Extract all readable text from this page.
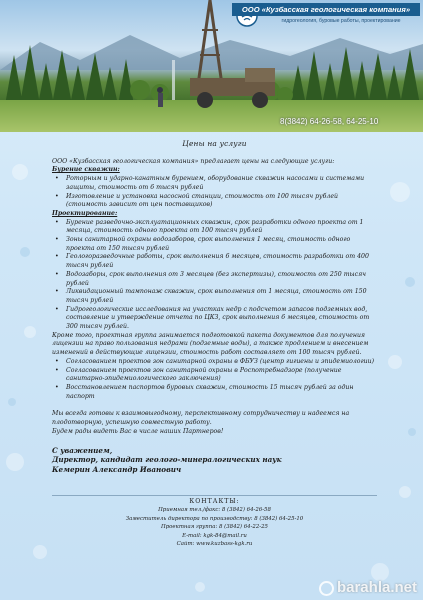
ООО «Кузбасская геологическая компания»
гидрогеология, буровые работы, проектирование
8(3842) 64-26-58, 64-25-10

Цены на услуги

ООО «Кузбасская геологическая компания» предлагает цены на следующие услуги:

Бурение скважин:

• Роторным и ударно-канатным бурением, оборудование скважин насосами и системами защиты, стоимость от 6 тысяч рублей
• Изготовление и установка насосной станции, стоимость от 100 тысяч рублей (стоимость зависит от цен поставщиков)

Проектирование:

• Бурение разведочно-эксплуатационных скважин, срок разработки одного проекта от 1 месяца, стоимость одного проекта от 100 тысяч рублей
• Зоны санитарной охраны водозаборов, срок выполнения 1 месяц, стоимость одного проекта от 150 тысяч рублей
• Геологоразведочные работы, срок выполнения 6 месяцев, стоимость разработки от 400 тысяч рублей
• Водозаборы, срок выполнения от 3 месяцев (без экспертизы), стоимость от 250 тысяч рублей
• Ликвидационный тампонаж скважин, срок выполнения от 1 месяца, стоимость от 150 тысяч рублей
• Гидрогеологические исследования на участках недр с подсчетом запасов подземных вод, составление и утверждение отчета по ЦКЗ, срок выполнения 6 месяцев, стоимость от 300 тысяч рублей.

Кроме того, проектная группа занимается подготовкой пакета документов для получения лицензии на право пользования недрами (подземные воды), а также продлением и внесением изменений в действующие лицензии, стоимость работ составляет от 100 тысяч рублей.

• Согласованием проектов зон санитарной охраны в ФБУЗ (центр гигиены и эпидемиологии)
• Согласованием проектов зон санитарной охраны в Роспотребнадзоре (получение санитарно-эпидемиологического заключения)
• Восстановлением паспортов буровых скважин, стоимость 15 тысяч рублей за один паспорт

Мы всегда готовы к взаимовыгодному, перспективному сотрудничеству и надеемся на плодотворную, успешную совместную работу.

Будем рады видеть Вас в числе наших Партнеров!

С уважением,

Директор, кандидат геолого-минералогических наук

Кемерин Александр Иванович

КОНТАКТЫ:
Приемная тел./факс: 8 (3842) 64-26-58
Заместитель директора по производству: 8 (3842) 64-25-10
Проектная группа: 8 (3842) 64-22-25
E-mail: kgk-84@mail.ru
Сайт: www.kuzbass-kgk.ru
barahla.net
